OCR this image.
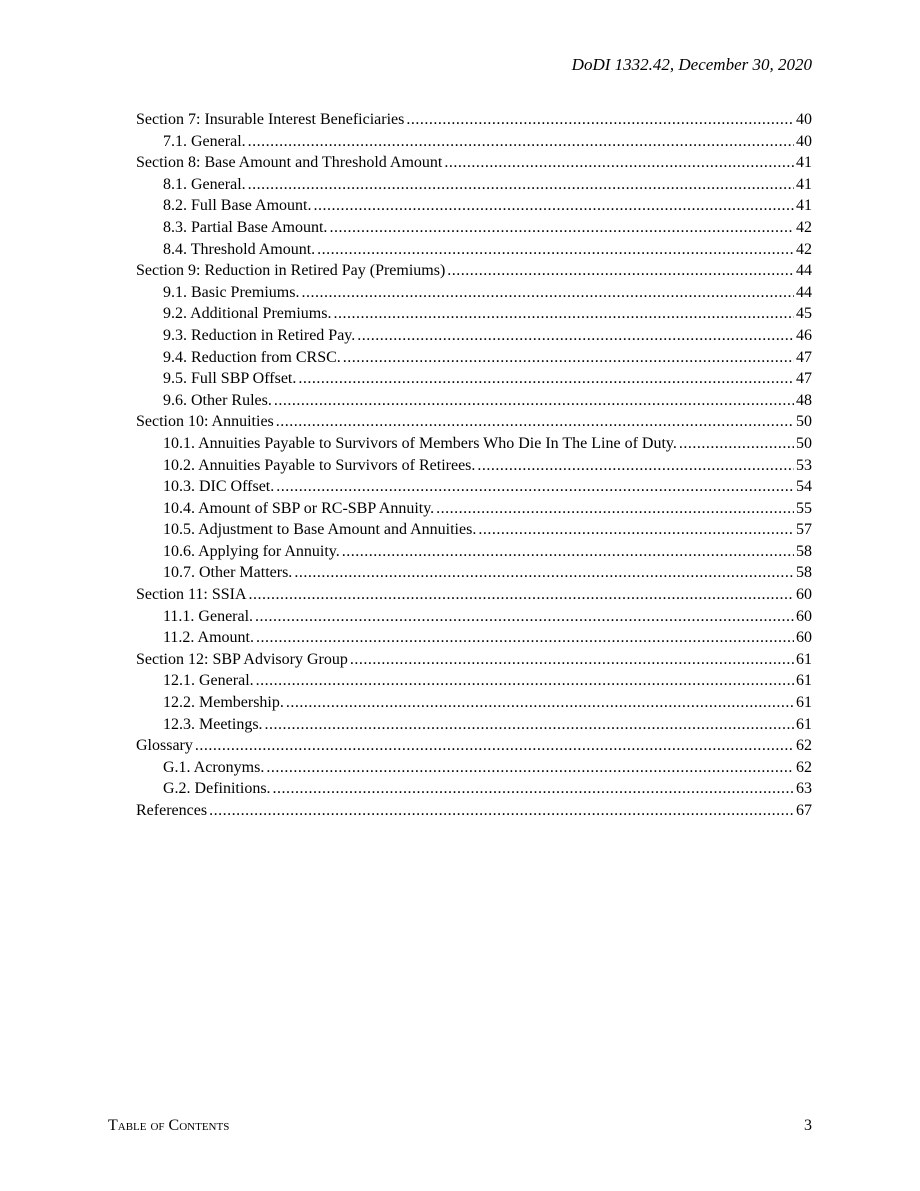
DoDI 1332.42, December 30, 2020
Section 7: Insurable Interest Beneficiaries .....	40
7.1. General. .....	40
Section 8: Base Amount and Threshold Amount .....	41
8.1. General. .....	41
8.2. Full Base Amount. .....	41
8.3. Partial Base Amount. .....	42
8.4. Threshold Amount. .....	42
Section 9: Reduction in Retired Pay (Premiums) .....	44
9.1. Basic Premiums. .....	44
9.2. Additional Premiums. .....	45
9.3. Reduction in Retired Pay. .....	46
9.4. Reduction from CRSC. .....	47
9.5. Full SBP Offset. .....	47
9.6. Other Rules. .....	48
Section 10: Annuities .....	50
10.1. Annuities Payable to Survivors of Members Who Die In The Line of Duty. .....	50
10.2. Annuities Payable to Survivors of Retirees. .....	53
10.3. DIC Offset. .....	54
10.4. Amount of SBP or RC-SBP Annuity. .....	55
10.5. Adjustment to Base Amount and Annuities. .....	57
10.6. Applying for Annuity. .....	58
10.7. Other Matters. .....	58
Section 11: SSIA .....	60
11.1. General. .....	60
11.2. Amount. .....	60
Section 12: SBP Advisory Group .....	61
12.1. General. .....	61
12.2. Membership. .....	61
12.3. Meetings. .....	61
Glossary .....	62
G.1. Acronyms. .....	62
G.2. Definitions. .....	63
References .....	67
Table of Contents	3
